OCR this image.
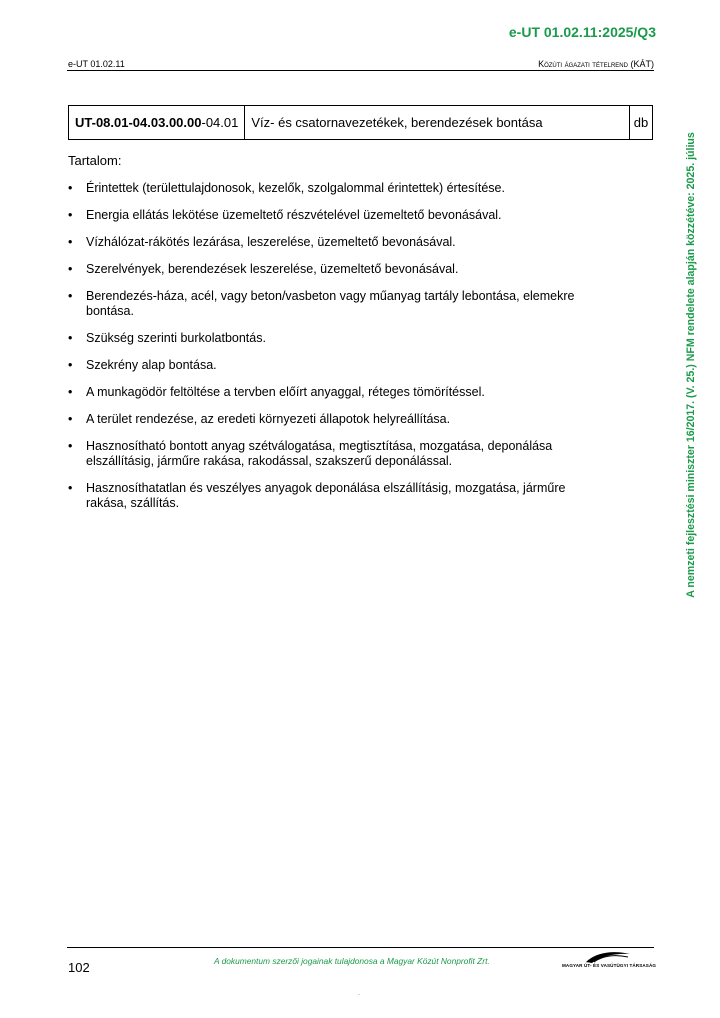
e-UT 01.02.11:2025/Q3
e-UT 01.02.11	Közúti ágazati tételrend (KÁT)
UT-08.01-04.03.00.00-04.01	Víz- és csatornavezetékek, berendezések bontása	db
Tartalom:
• Érintettek (területtulajdonosok, kezelők, szolgalommal érintettek) értesítése.
• Energia ellátás lekötése üzemeltető részvételével üzemeltető bevonásával.
• Vízhálózat-rákötés lezárása, leszerelése, üzemeltető bevonásával.
• Szerelvények, berendezések leszerelése, üzemeltető bevonásával.
• Berendezés-háza, acél, vagy beton/vasbeton vagy műanyag tartály lebontása, elemekre bontása.
• Szükség szerinti burkolatbontás.
• Szekrény alap bontása.
• A munkagödör feltöltése a tervben előírt anyaggal, réteges tömörítéssel.
• A terület rendezése, az eredeti környezeti állapotok helyreállítása.
• Hasznosítható bontott anyag szétválogatása, megtisztítása, mozgatása, deponálása elszállításig, járműre rakása, rakodással, szakszerű deponálással.
• Hasznosíthatatlan és veszélyes anyagok deponálása elszállításig, mozgatása, járműre rakása, szállítás.	A nemzeti fejlesztési miniszter 16/2017. (V. 25.) NFM rendelete alapján közzétéve: 2025. július
102	A dokumentum szerzői jogainak tulajdonosa a Magyar Közút Nonprofit Zrt.	MAGYAR ÚT- ÉS VASÚTÜGYI TÁRSASÁG
-
